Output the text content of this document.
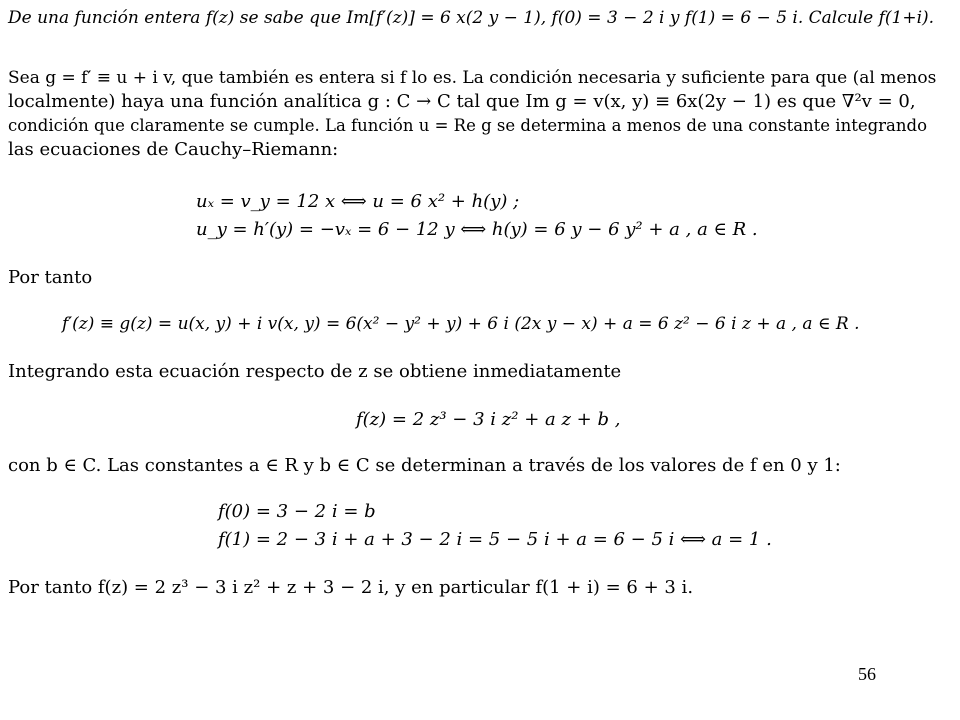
De una función entera f(z) se sabe que Im[f′(z)] = 6 x(2 y − 1), f(0) = 3 − 2 i y f(1) = 6 − 5 i. Calcule f(1+i).
Sea g = f′ ≡ u + i v, que también es entera si f lo es. La condición necesaria y suficiente para que (al menos
localmente) haya una función analítica g : C → C tal que Im g = v(x, y) ≡ 6x(2y − 1) es que ∇²v = 0,
condición que claramente se cumple. La función u = Re g se determina a menos de una constante integrando
las ecuaciones de Cauchy–Riemann:
uₓ = v_y = 12 x ⟺ u = 6 x² + h(y) ;
u_y = h′(y) = −vₓ = 6 − 12 y ⟺ h(y) = 6 y − 6 y² + a , a ∈ R .
Por tanto
f′(z) ≡ g(z) = u(x, y) + i v(x, y) = 6(x² − y² + y) + 6 i (2x y − x) + a = 6 z² − 6 i z + a , a ∈ R .
Integrando esta ecuación respecto de z se obtiene inmediatamente
f(z) = 2 z³ − 3 i z² + a z + b ,
con b ∈ C. Las constantes a ∈ R y b ∈ C se determinan a través de los valores de f en 0 y 1:
f(0) = 3 − 2 i = b
f(1) = 2 − 3 i + a + 3 − 2 i = 5 − 5 i + a = 6 − 5 i ⟺ a = 1 .
Por tanto f(z) = 2 z³ − 3 i z² + z + 3 − 2 i, y en particular f(1 + i) = 6 + 3 i.
56
